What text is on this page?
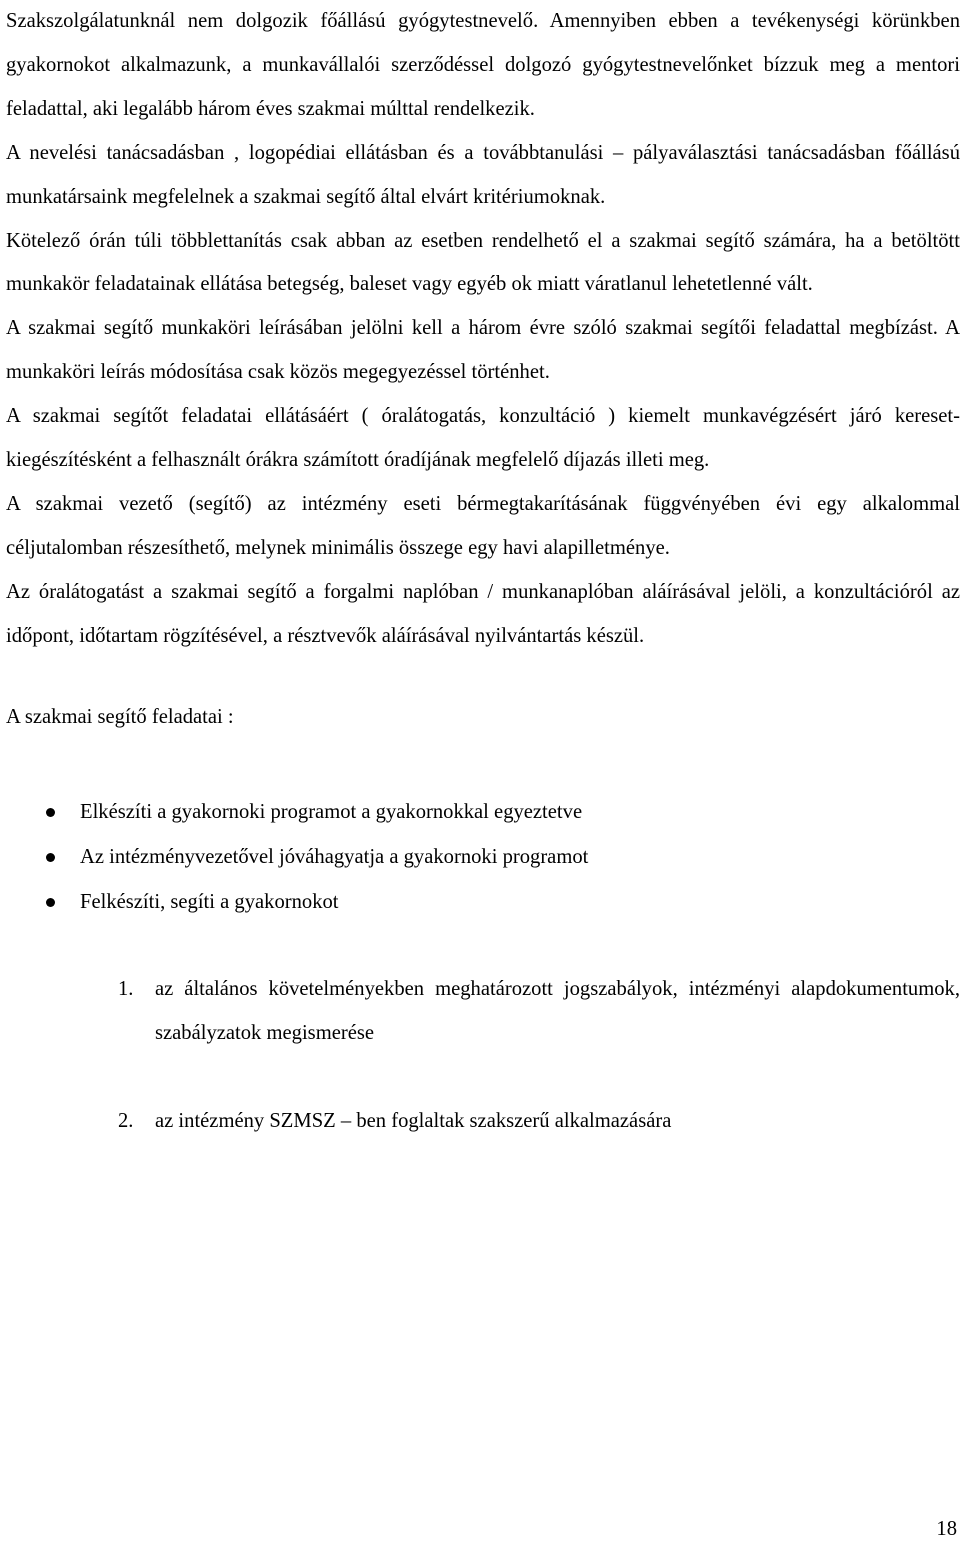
Szakszolgálatunknál nem dolgozik főállású gyógytestnevelő. Amennyiben ebben a tevékenységi körünkben gyakornokot alkalmazunk, a munkavállalói szerződéssel dolgozó gyógytestnevelőnket bízzuk meg a mentori feladattal, aki legalább három éves szakmai múlttal rendelkezik.

A nevelési tanácsadásban , logopédiai ellátásban és a továbbtanulási – pályaválasztási tanácsadásban főállású munkatársaink megfelelnek a szakmai segítő által elvárt kritériumoknak.

Kötelező órán túli többlettanítás csak abban az esetben rendelhető el a szakmai segítő számára, ha a betöltött munkakör feladatainak ellátása betegség, baleset vagy egyéb ok miatt váratlanul lehetetlenné vált.

A szakmai segítő munkaköri leírásában jelölni kell a három évre szóló szakmai segítői feladattal megbízást. A munkaköri leírás módosítása csak közös megegyezéssel történhet.

A szakmai segítőt feladatai ellátásáért ( óralátogatás, konzultáció ) kiemelt munkavégzésért járó kereset- kiegészítésként a felhasznált órákra számított óradíjának megfelelő díjazás illeti meg.

A szakmai vezető (segítő) az intézmény eseti bérmegtakarításának függvényében évi egy alkalommal céljutalomban részesíthető, melynek minimális összege egy havi alapilletménye.

Az óralátogatást a szakmai segítő a forgalmi naplóban / munkanaplóban aláírásával jelöli, a konzultációról az időpont, időtartam rögzítésével, a résztvevők aláírásával nyilvántartás készül.

A szakmai segítő feladatai :

Elkészíti a gyakornoki programot a gyakornokkal egyeztetve
Az intézményvezetővel jóváhagyatja a gyakornoki programot
Felkészíti, segíti a gyakornokot
1. az általános követelményekben meghatározott jogszabályok, intézményi alapdokumentumok, szabályzatok megismerése
2. az intézmény SZMSZ – ben foglaltak szakszerű alkalmazására
18
